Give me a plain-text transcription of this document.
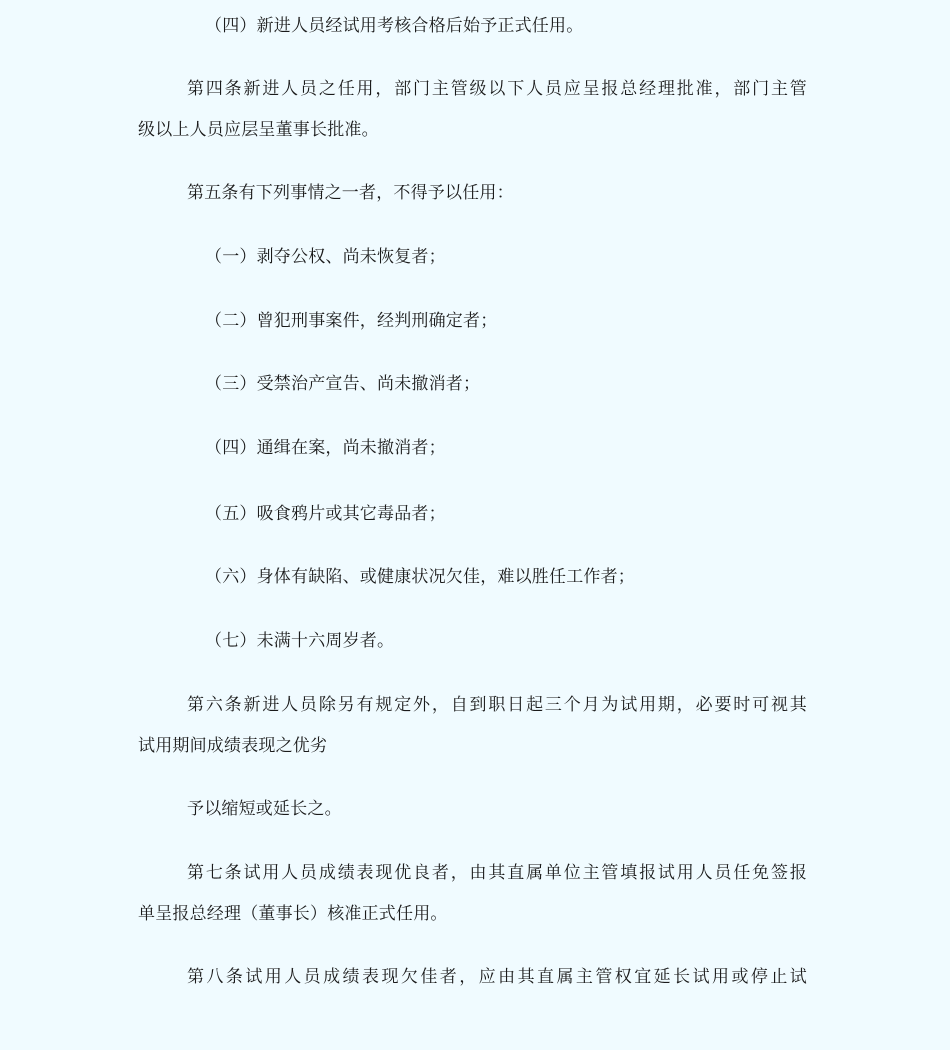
（四）新进人员经试用考核合格后始予正式任用。
第四条新进人员之任用，部门主管级以下人员应呈报总经理批准，部门主管
级以上人员应层呈董事长批准。
第五条有下列事情之一者，不得予以任用：
（一）剥夺公权、尚未恢复者；
（二）曾犯刑事案件，经判刑确定者；
（三）受禁治产宣告、尚未撤消者；
（四）通缉在案，尚未撤消者；
（五）吸食鸦片或其它毒品者；
（六）身体有缺陷、或健康状况欠佳，难以胜任工作者；
（七）未满十六周岁者。
第六条新进人员除另有规定外，自到职日起三个月为试用期，必要时可视其
试用期间成绩表现之优劣
予以缩短或延长之。
第七条试用人员成绩表现优良者，由其直属单位主管填报试用人员任免签报
单呈报总经理（董事长）核准正式任用。
第八条试用人员成绩表现欠佳者，应由其直属主管权宜延长试用或停止试
